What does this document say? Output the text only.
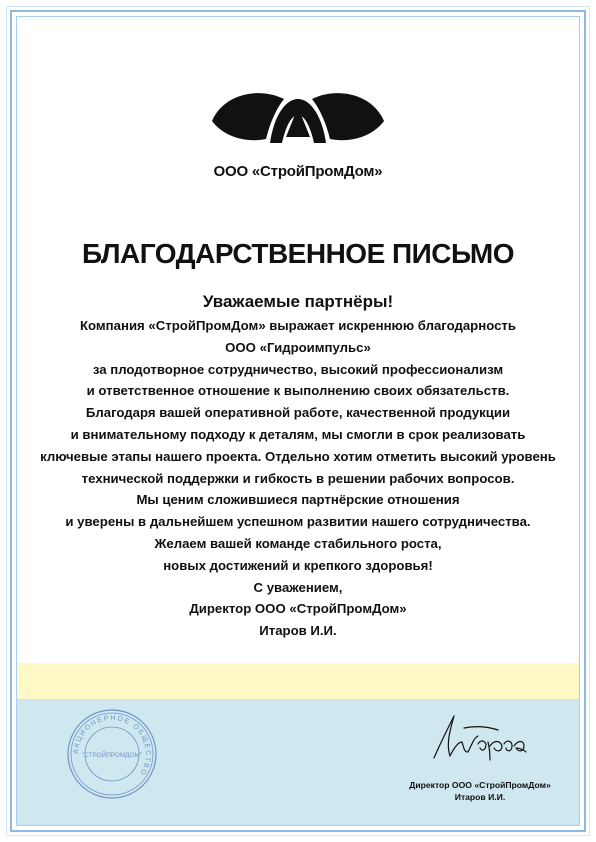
ООО «СтройПромДом»
БЛАГОДАРСТВЕННОЕ ПИСЬМО
Уважаемые партнёры!
Компания «СтройПромДом» выражает искреннюю благодарность
ООО «Гидроимпульс»
за плодотворное сотрудничество, высокий профессионализм
и ответственное отношение к выполнению своих обязательств.
Благодаря вашей оперативной работе, качественной продукции
и внимательному подходу к деталям, мы смогли в срок реализовать
ключевые этапы нашего проекта. Отдельно хотим отметить высокий уровень
технической поддержки и гибкость в решении рабочих вопросов.
Мы ценим сложившиеся партнёрские отношения
и уверены в дальнейшем успешном развитии нашего сотрудничества.
Желаем вашей команде стабильного роста,
новых достижений и крепкого здоровья!
С уважением,
Директор ООО «СтройПромДом»
Итаров И.И.
АКЦИОНЕРНОЕ ОБЩЕСТВО
"СТРОЙПРОМДОМ"
Директор ООО «СтройПромДом»
Итаров И.И.
